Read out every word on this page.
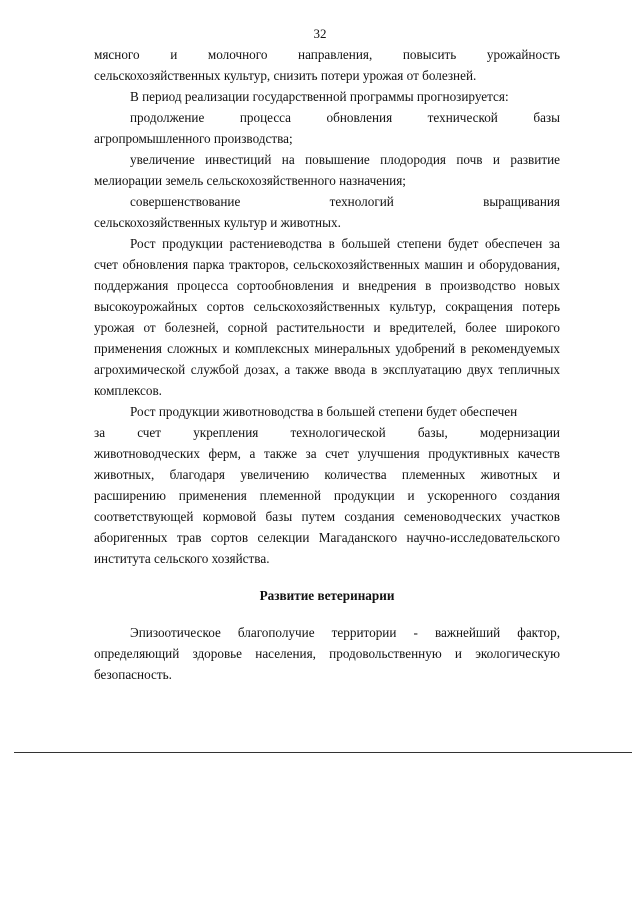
32

мясного и молочного направления, повысить урожайность

сельскохозяйственных культур, снизить потери урожая от болезней.

В период реализации государственной программы прогнозируется:

продолжение процесса обновления технической базы

агропромышленного производства;

увеличение инвестиций на повышение плодородия почв и развитие мелиорации земель сельскохозяйственного назначения;

совершенствование технологий выращивания

сельскохозяйственных культур и животных.

Рост продукции растениеводства в большей степени будет обеспечен за счет обновления парка тракторов, сельскохозяйственных машин и оборудования, поддержания процесса сортообновления и внедрения в производство новых высокоурожайных сортов сельскохозяйственных культур, сокращения потерь урожая от болезней, сорной растительности и вредителей, более широкого применения сложных и комплексных минеральных удобрений в рекомендуемых агрохимической службой дозах, а также ввода в эксплуатацию двух тепличных комплексов.

Рост продукции животноводства в большей степени будет обеспечен

за счет укрепления технологической базы, модернизации

животноводческих ферм, а также за счет улучшения продуктивных качеств животных, благодаря увеличению количества племенных животных и расширению применения племенной продукции и ускоренного создания соответствующей кормовой базы путем создания семеноводческих участков аборигенных трав сортов селекции Магаданского научно-исследовательского института сельского хозяйства.

Развитие ветеринарии

Эпизоотическое благополучие территории - важнейший фактор, определяющий здоровье населения, продовольственную и экологическую безопасность.
